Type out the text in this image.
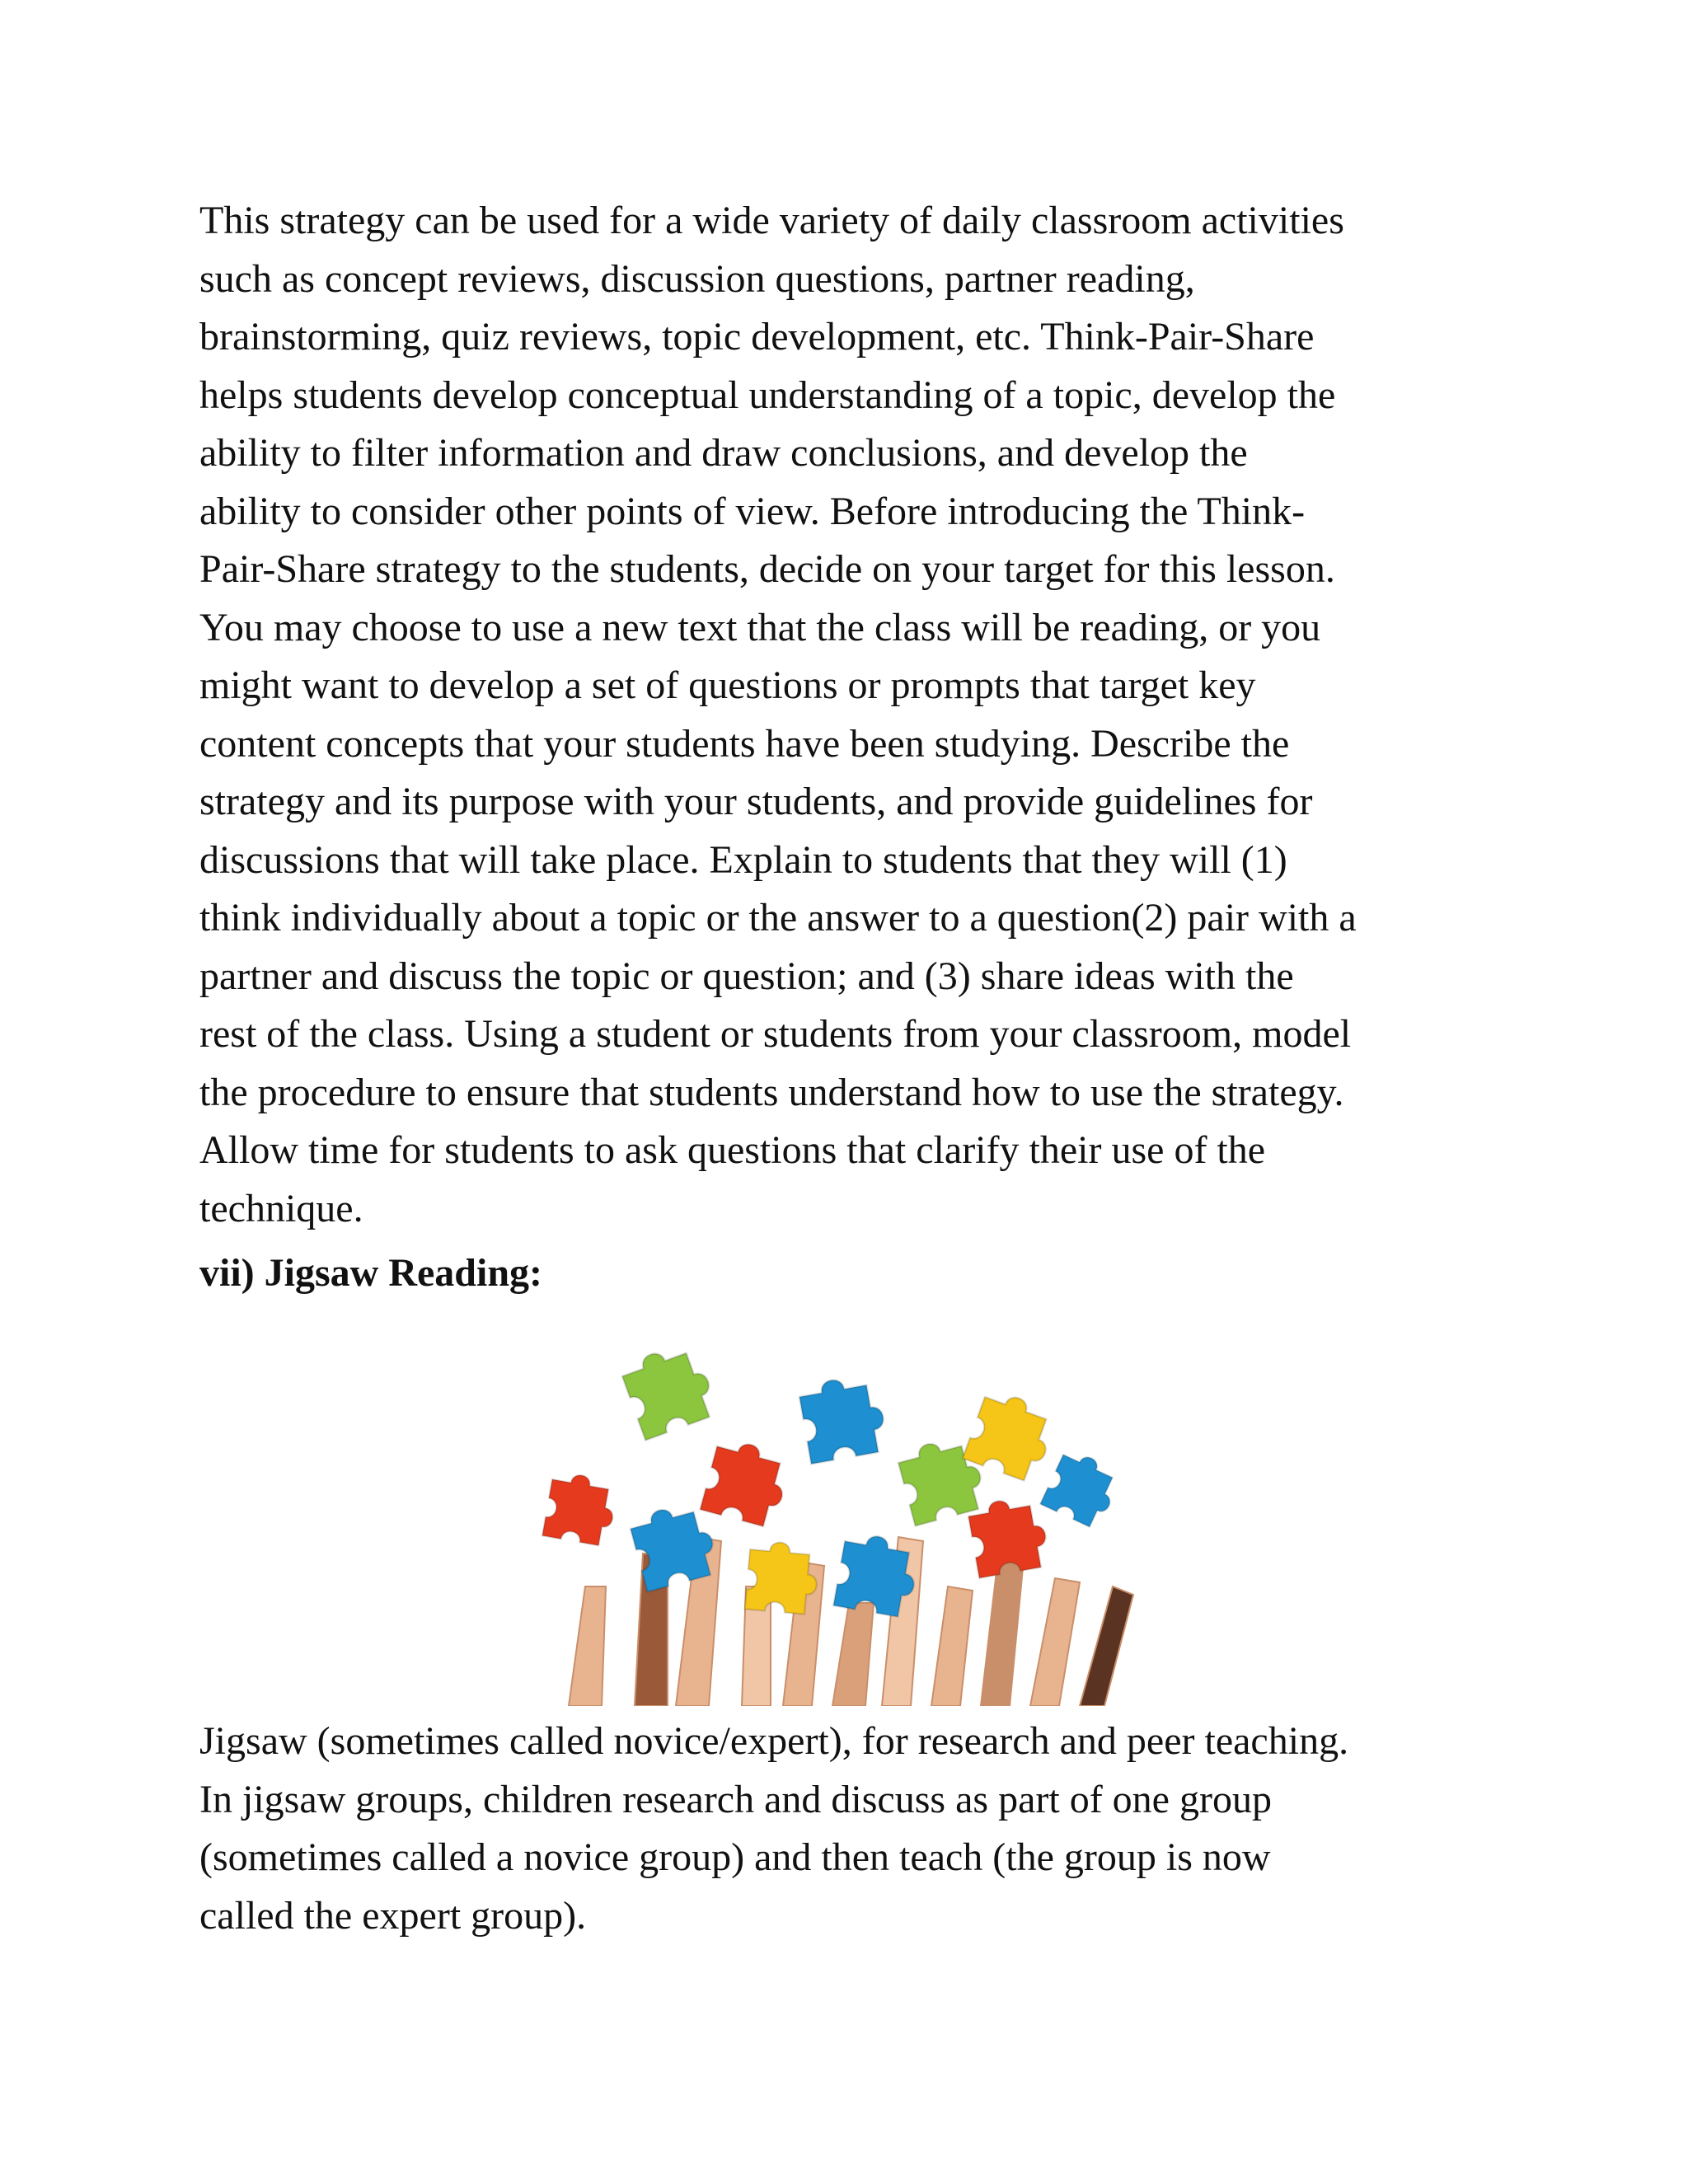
This strategy can be used for a wide variety of daily classroom activities
such as concept reviews, discussion questions, partner reading,
brainstorming, quiz reviews, topic development, etc. Think-Pair-Share
helps students develop conceptual understanding of a topic, develop the
ability to filter information and draw conclusions, and develop the
ability to consider other points of view. Before introducing the Think-
Pair-Share strategy to the students, decide on your target for this lesson.
You may choose to use a new text that the class will be reading, or you
might want to develop a set of questions or prompts that target key
content concepts that your students have been studying. Describe the
strategy and its purpose with your students, and provide guidelines for
discussions that will take place. Explain to students that they will (1)
think individually about a topic or the answer to a question(2) pair with a
partner and discuss the topic or question; and (3) share ideas with the
rest of the class. Using a student or students from your classroom, model
the procedure to ensure that students understand how to use the strategy.
Allow time for students to ask questions that clarify their use of the
technique.
vii) Jigsaw Reading:
Jigsaw (sometimes called novice/expert), for research and peer teaching.
In jigsaw groups, children research and discuss as part of one group
(sometimes called a novice group) and then teach (the group is now
called the expert group).
